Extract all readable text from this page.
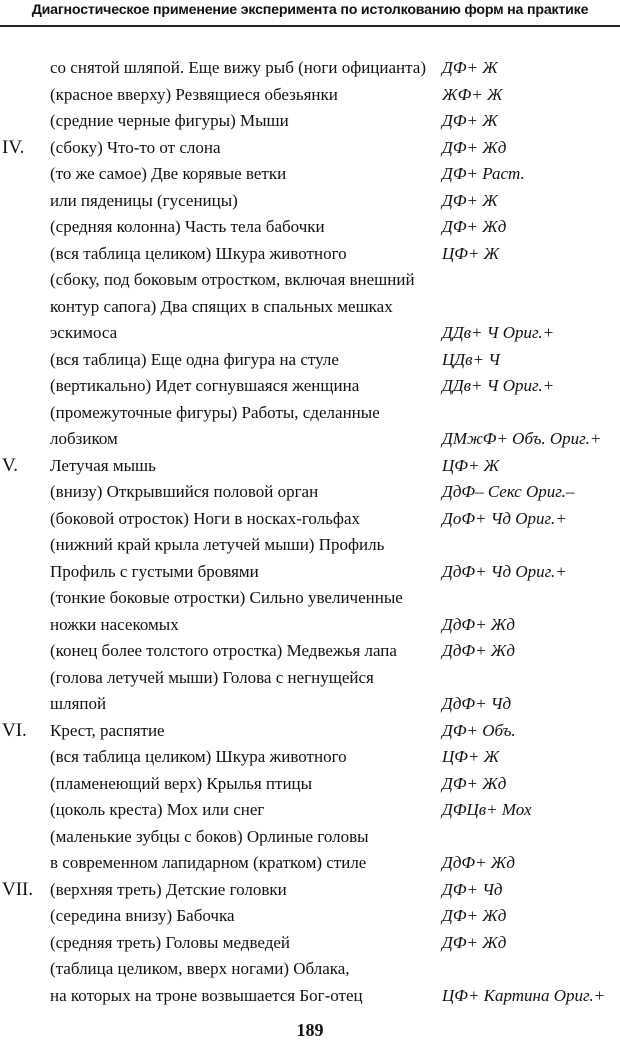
Диагностическое применение эксперимента по истолкованию форм на практике
со снятой шляпой. Еще вижу рыб (ноги официанта) ДФ+ Ж
(красное вверху) Резвящиеся обезьянки	ЖФ+ Ж
(средние черные фигуры) Мыши	ДФ+ Ж
IV. (сбоку) Что-то от слона	ДФ+ Жд
(то же самое) Две корявые ветки	ДФ+ Раст.
или пяденицы (гусеницы)	ДФ+ Ж
(средняя колонна) Часть тела бабочки	ДФ+ Жд
(вся таблица целиком) Шкура животного	ЦФ+ Ж
(сбоку, под боковым отростком, включая внешний
контур сапога) Два спящих в спальных мешках
эскимоса	ДДв+ Ч Ориг.+
(вся таблица) Еще одна фигура на стуле	ЦДв+ Ч
(вертикально) Идет согнувшаяся женщина	ДДв+ Ч Ориг.+
(промежуточные фигуры) Работы, сделанные
лобзиком	ДМжФ+ Объ. Ориг.+
V. Летучая мышь	ЦФ+ Ж
(внизу) Открывшийся половой орган	ДдФ– Секс Ориг.–
(боковой отросток) Ноги в носках-гольфах	ДоФ+ Чд Ориг.+
(нижний край крыла летучей мыши) Профиль
Профиль с густыми бровями	ДдФ+ Чд Ориг.+
(тонкие боковые отростки) Сильно увеличенные
ножки насекомых	ДдФ+ Жд
(конец более толстого отростка) Медвежья лапа	ДдФ+ Жд
(голова летучей мыши) Голова с негнущейся
шляпой	ДдФ+ Чд
VI. Крест, распятие	ДФ+ Объ.
(вся таблица целиком) Шкура животного	ЦФ+ Ж
(пламенеющий верх) Крылья птицы	ДФ+ Жд
(цоколь креста) Мох или снег	ДФЦв+ Мох
(маленькие зубцы с боков) Орлиные головы
в современном лапидарном (кратком) стиле	ДдФ+ Жд
VII. (верхняя треть) Детские головки	ДФ+ Чд
(середина внизу) Бабочка	ДФ+ Жд
(средняя треть) Головы медведей	ДФ+ Жд
(таблица целиком, вверх ногами) Облака,
на которых на троне возвышается Бог-отец	ЦФ+ Картина Ориг.+
189
